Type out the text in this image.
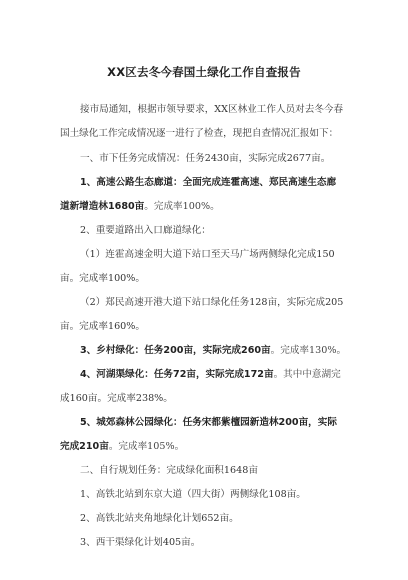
XX区去冬今春国土绿化工作自查报告
接市局通知，根据市领导要求，XX区林业工作人员对去冬今春
国土绿化工作完成情况逐一进行了检查，现把自查情况汇报如下：
一、市下任务完成情况：任务2430亩，实际完成2677亩。
1、高速公路生态廊道：全面完成连霍高速、郑民高速生态廊
道新增造林1680亩。完成率100%。
2、重要道路出入口廊道绿化：
（1）连霍高速金明大道下站口至天马广场两侧绿化完成150
亩。完成率100%。
（2）郑民高速开港大道下站口绿化任务128亩，实际完成205
亩。完成率160%。
3、乡村绿化：任务200亩，实际完成260亩。完成率130%。
4、河湖渠绿化：任务72亩，实际完成172亩。其中中意湖完
成160亩。完成率238%。
5、城郊森林公园绿化：任务宋都紫檀园新造林200亩，实际
完成210亩。完成率105%。
二、自行规划任务：完成绿化面积1648亩
1、高铁北站到东京大道（四大街）两侧绿化108亩。
2、高铁北站夹角地绿化计划652亩。
3、西干渠绿化计划405亩。
